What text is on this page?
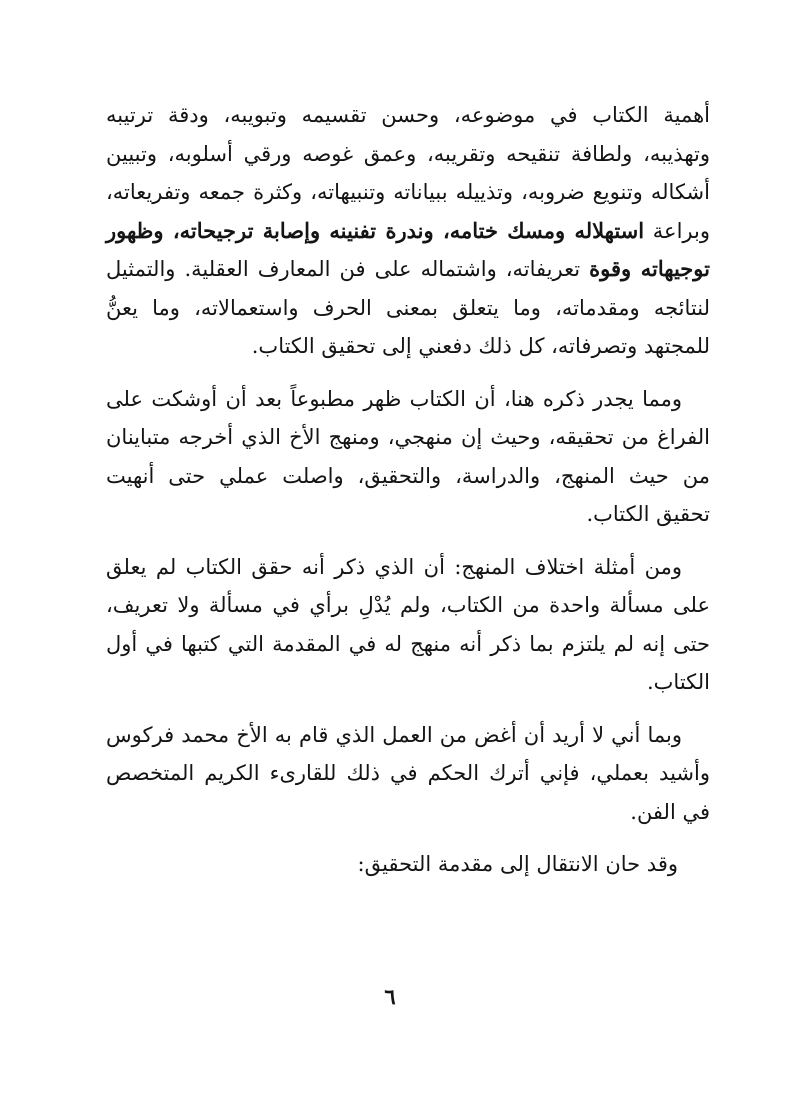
أهمية الكتاب في موضوعه، وحسن تقسيمه وتبويبه، ودقة ترتيبه وتهذيبه، ولطافة تنقيحه وتقريبه، وعمق غوصه ورقي أسلوبه، وتبيين أشكاله وتنويع ضروبه، وتذييله ببياناته وتنبيهاته، وكثرة جمعه وتفريعاته، وبراعة استهلاله ومسك ختامه، وندرة تفنينه وإصابة ترجيحاته، وظهور توجيهاته وقوة تعريفاته، واشتماله على فن المعارف العقلية. والتمثيل لنتائجه ومقدماته، وما يتعلق بمعنى الحرف واستعمالاته، وما يعنُّ للمجتهد وتصرفاته، كل ذلك دفعني إلى تحقيق الكتاب.

ومما يجدر ذكره هنا، أن الكتاب ظهر مطبوعاً بعد أن أوشكت على الفراغ من تحقيقه، وحيث إن منهجي، ومنهج الأخ الذي أخرجه متباينان من حيث المنهج، والدراسة، والتحقيق، واصلت عملي حتى أنهيت تحقيق الكتاب.

ومن أمثلة اختلاف المنهج: أن الذي ذكر أنه حقق الكتاب لم يعلق على مسألة واحدة من الكتاب، ولم يُدْلِ برأي في مسألة ولا تعريف، حتى إنه لم يلتزم بما ذكر أنه منهج له في المقدمة التي كتبها في أول الكتاب.

وبما أني لا أريد أن أغض من العمل الذي قام به الأخ محمد فركوس وأشيد بعملي، فإني أترك الحكم في ذلك للقارىء الكريم المتخصص في الفن.

وقد حان الانتقال إلى مقدمة التحقيق:

٦
